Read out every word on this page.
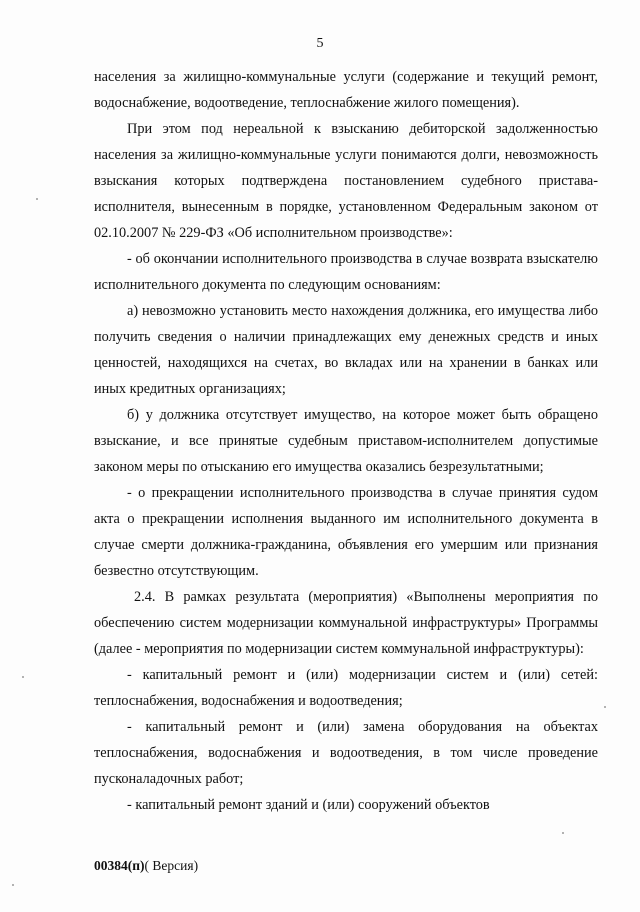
5

населения за жилищно-коммунальные услуги (содержание и текущий ремонт, водоснабжение, водоотведение, теплоснабжение жилого помещения).

При этом под нереальной к взысканию дебиторской задолженностью населения за жилищно-коммунальные услуги понимаются долги, невозможность взыскания которых подтверждена постановлением судебного пристава-исполнителя, вынесенным в порядке, установленном Федеральным законом от 02.10.2007 № 229-ФЗ «Об исполнительном производстве»:

- об окончании исполнительного производства в случае возврата взыскателю исполнительного документа по следующим основаниям:

а) невозможно установить место нахождения должника, его имущества либо получить сведения о наличии принадлежащих ему денежных средств и иных ценностей, находящихся на счетах, во вкладах или на хранении в банках или иных кредитных организациях;

б) у должника отсутствует имущество, на которое может быть обращено взыскание, и все принятые судебным приставом-исполнителем допустимые законом меры по отысканию его имущества оказались безрезультатными;

- о прекращении исполнительного производства в случае принятия судом акта о прекращении исполнения выданного им исполнительного документа в случае смерти должника-гражданина, объявления его умершим или признания безвестно отсутствующим.

2.4. В рамках результата (мероприятия) «Выполнены мероприятия по обеспечению систем модернизации коммунальной инфраструктуры» Программы (далее - мероприятия по модернизации систем коммунальной инфраструктуры):

- капитальный ремонт и (или) модернизации систем и (или) сетей: теплоснабжения, водоснабжения и водоотведения;

- капитальный ремонт и (или) замена оборудования на объектах теплоснабжения, водоснабжения и водоотведения, в том числе проведение пусконаладочных работ;

- капитальный ремонт зданий и (или) сооружений объектов

00384(п)( Версия)
